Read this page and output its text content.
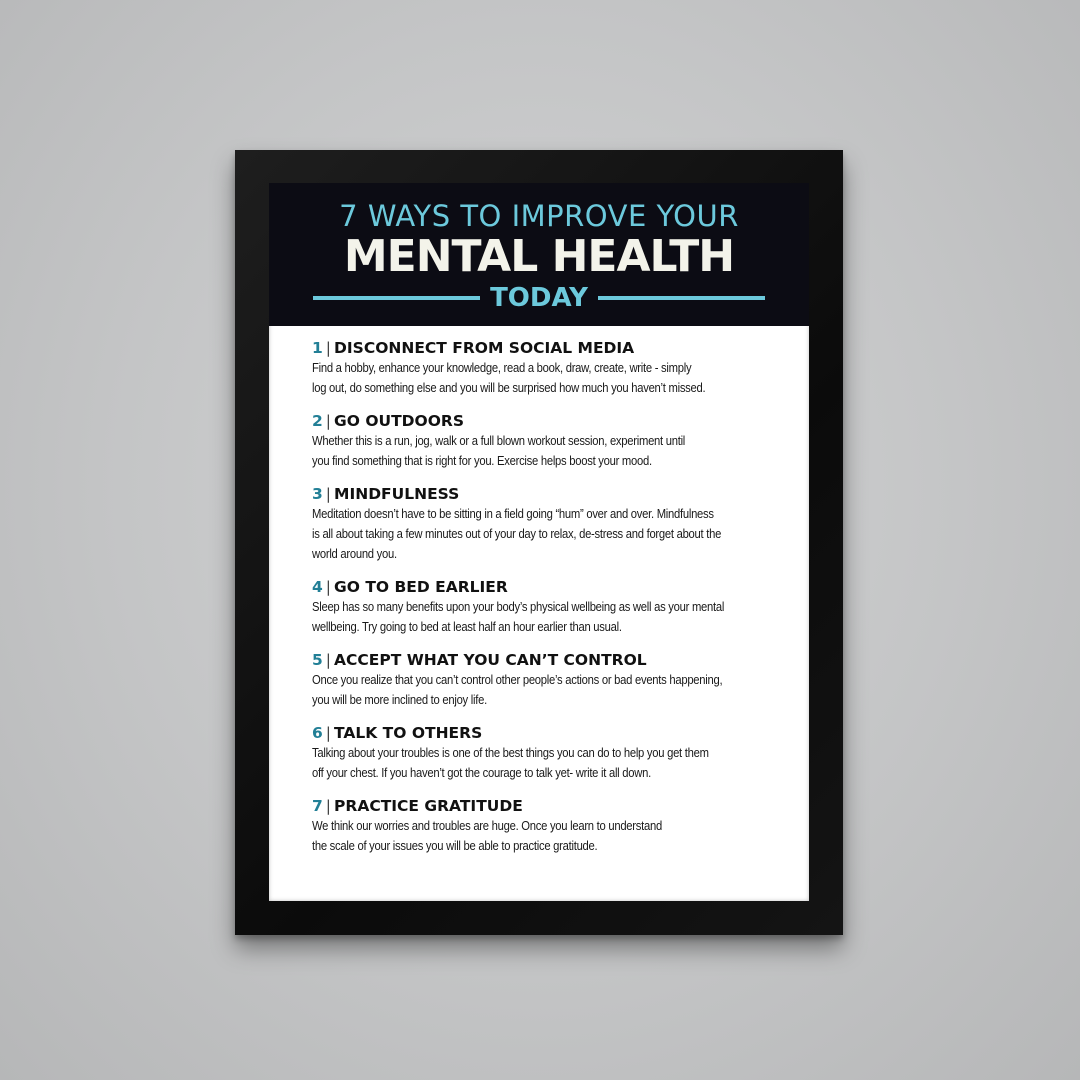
7 WAYS TO IMPROVE YOUR
MENTAL HEALTH
TODAY
1 | DISCONNECT FROM SOCIAL MEDIA
Find a hobby, enhance your knowledge, read a book, draw, create, write - simply
log out, do something else and you will be surprised how much you haven’t missed.
2 | GO OUTDOORS
Whether this is a run, jog, walk or a full blown workout session, experiment until
you find something that is right for you. Exercise helps boost your mood.
3 | MINDFULNESS
Meditation doesn’t have to be sitting in a field going “hum” over and over. Mindfulness
is all about taking a few minutes out of your day to relax, de-stress and forget about the
world around you.
4 | GO TO BED EARLIER
Sleep has so many benefits upon your body’s physical wellbeing as well as your mental
wellbeing. Try going to bed at least half an hour earlier than usual.
5 | ACCEPT WHAT YOU CAN’T CONTROL
Once you realize that you can’t control other people’s actions or bad events happening,
you will be more inclined to enjoy life.
6 | TALK TO OTHERS
Talking about your troubles is one of the best things you can do to help you get them
off your chest. If you haven’t got the courage to talk yet- write it all down.
7 | PRACTICE GRATITUDE
We think our worries and troubles are huge. Once you learn to understand
the scale of your issues you will be able to practice gratitude.
